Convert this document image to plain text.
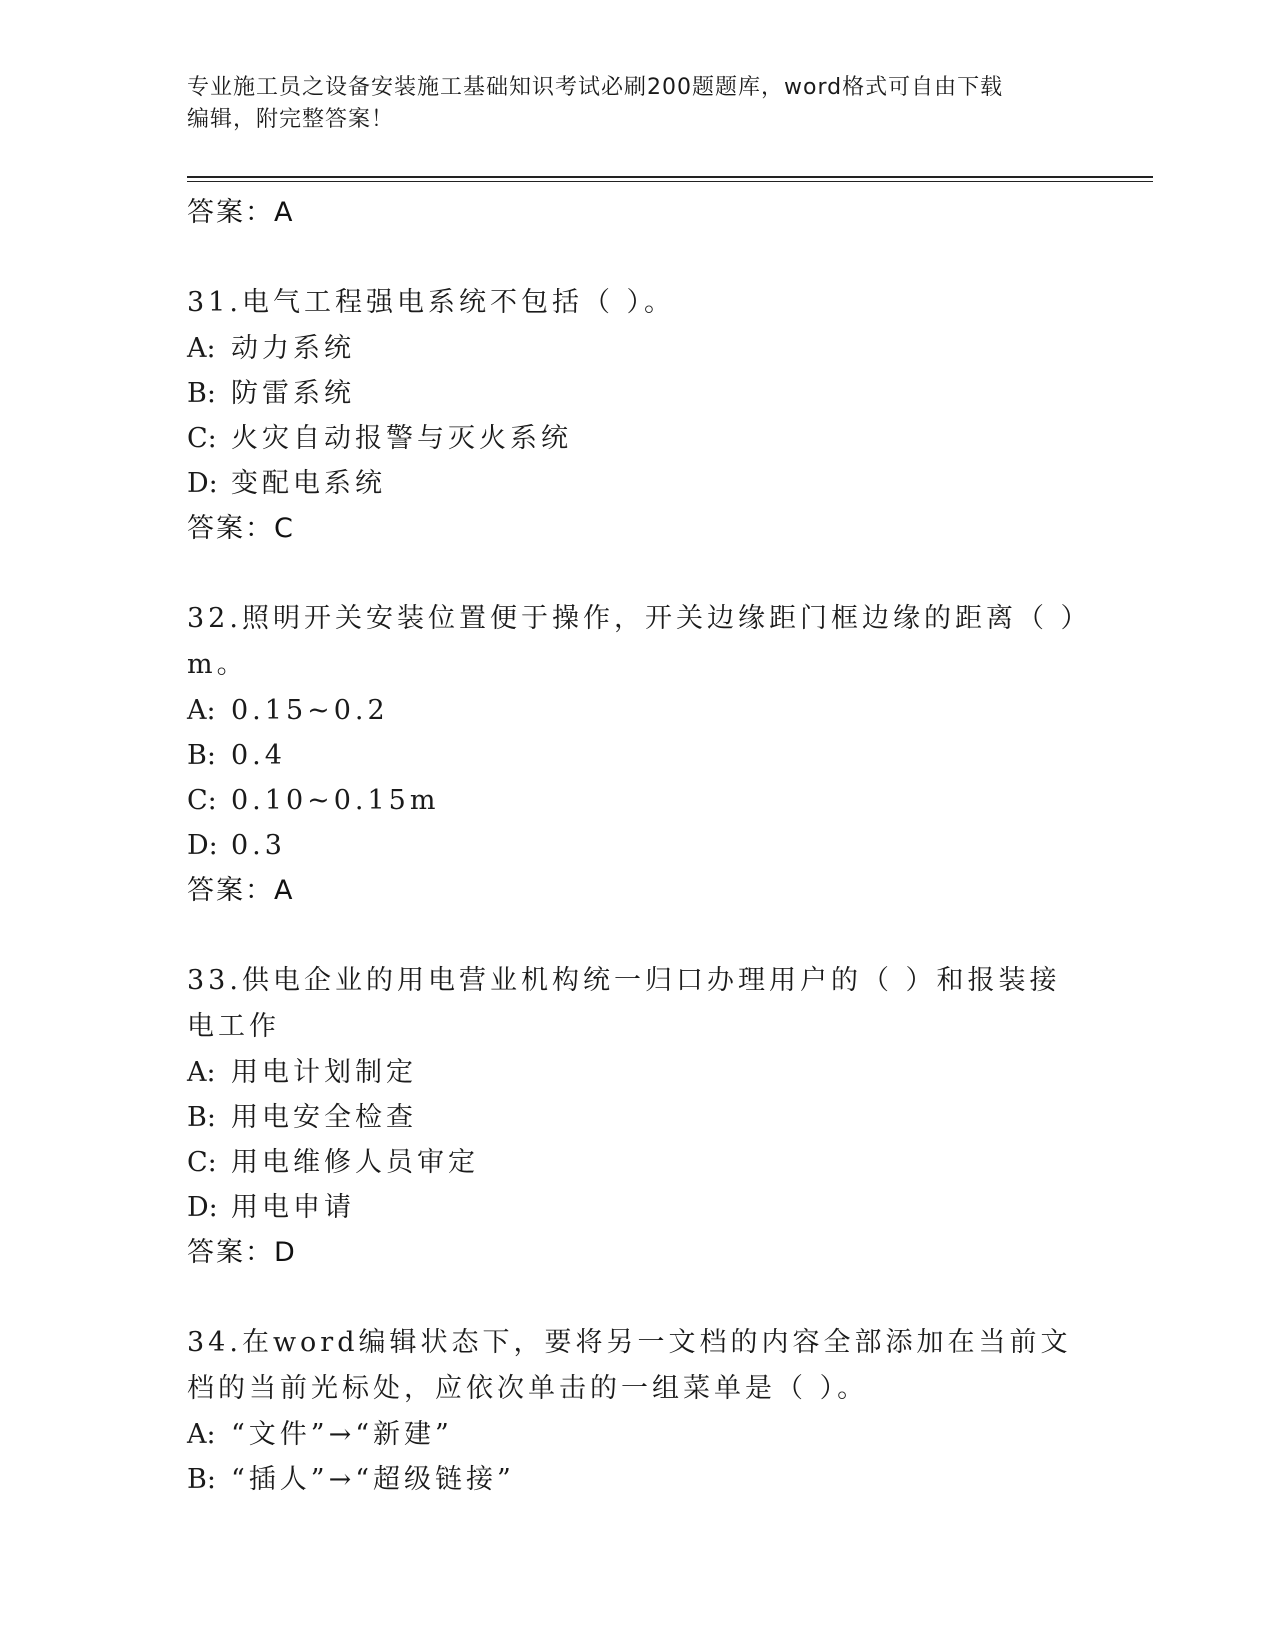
专业施工员之设备安装施工基础知识考试必刷200题题库，word格式可自由下载
编辑，附完整答案！
答案：A
31.电气工程强电系统不包括（ ）。
A: 动力系统
B: 防雷系统
C: 火灾自动报警与灭火系统
D: 变配电系统
答案：C
32.照明开关安装位置便于操作，开关边缘距门框边缘的距离（ ）m。
A: 0.15~0.2
B: 0.4
C: 0.10~0.15m
D: 0.3
答案：A
33.供电企业的用电营业机构统一归口办理用户的（ ）和报装接电工作
A: 用电计划制定
B: 用电安全检查
C: 用电维修人员审定
D: 用电申请
答案：D
34.在word编辑状态下，要将另一文档的内容全部添加在当前文档的当前光标处，应依次单击的一组菜单是（ ）。
A: “文件”→“新建”
B: “插人”→“超级链接”
